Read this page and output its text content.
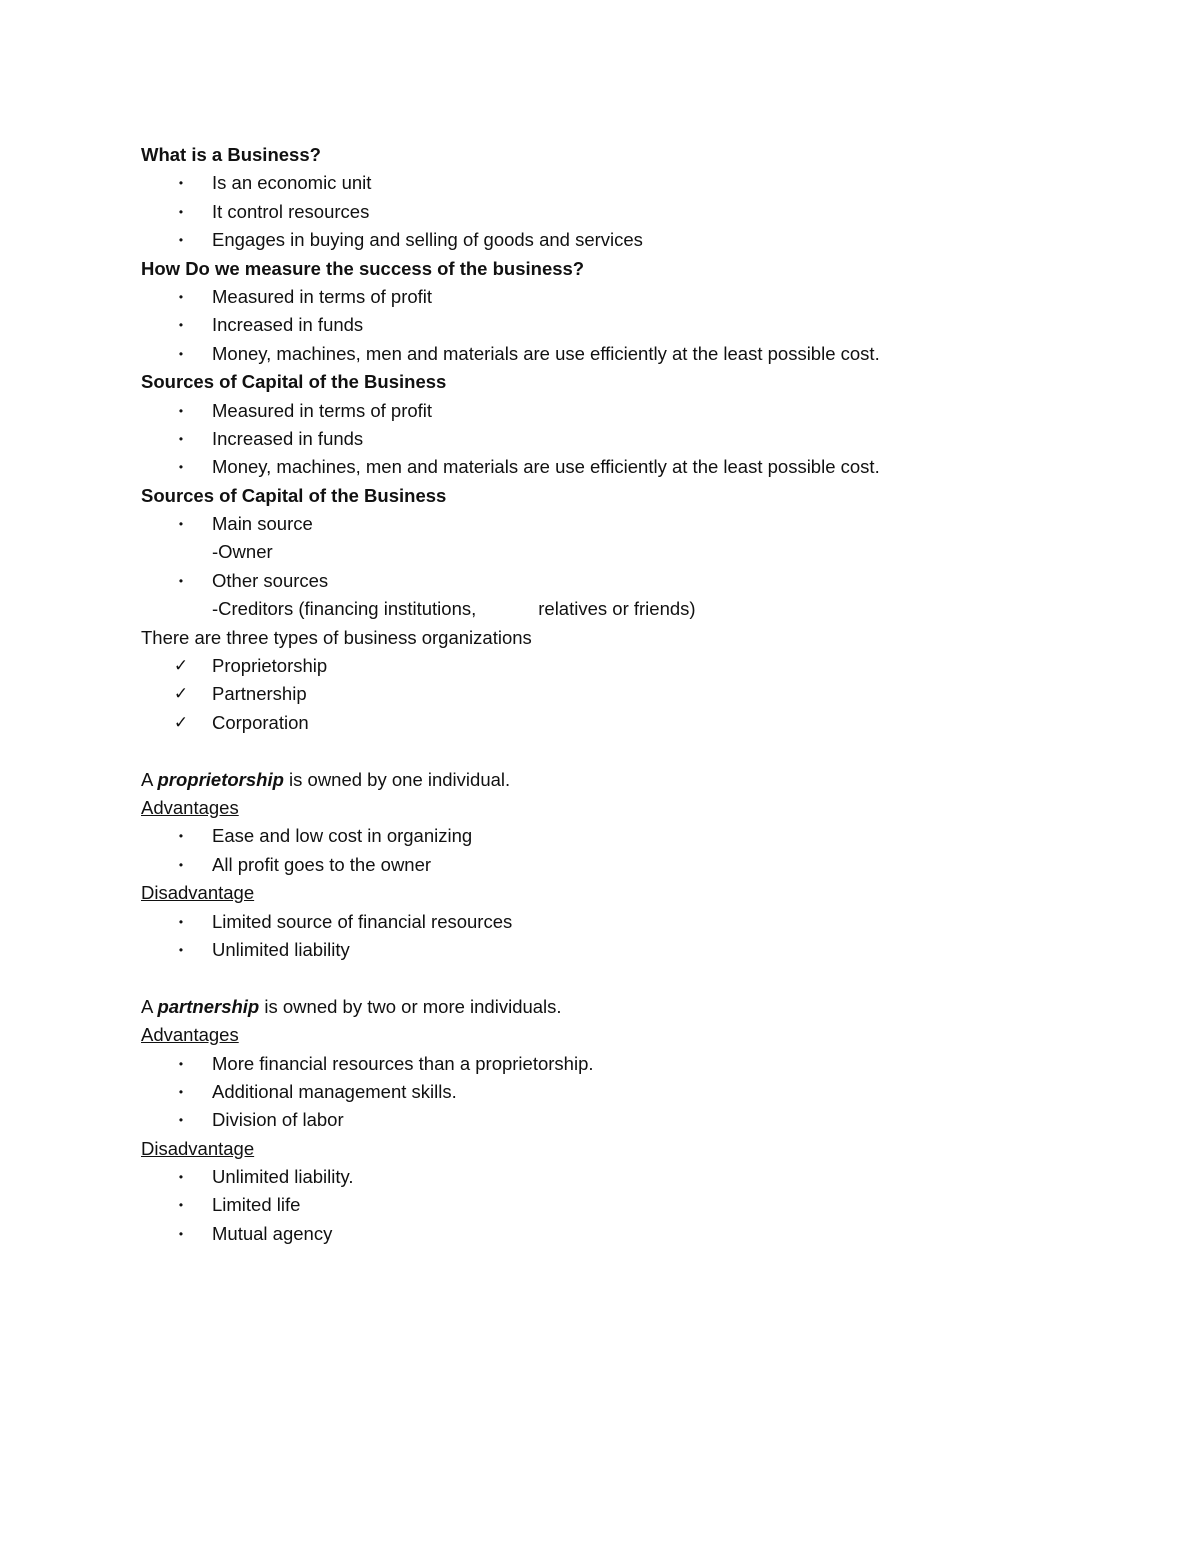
What is a Business?
•	Is an economic unit
•	It control resources
•	Engages in buying and selling of goods and services
How Do we measure the success of the business?
•	Measured in terms of profit
•	Increased in funds
•	Money, machines, men and materials are use efficiently at the least possible cost.
Sources of Capital of the Business
•	Measured in terms of profit
•	Increased in funds
•	Money, machines, men and materials are use efficiently at the least possible cost.
Sources of Capital of the Business
•	Main source
-Owner
•	Other sources
-Creditors (financing institutions,	relatives or friends)
There are three types of business organizations
✓ Proprietorship
✓ Partnership
✓ Corporation
A proprietorship is owned by one individual.
Advantages
•	Ease and low cost in organizing
•	All profit goes to the owner
Disadvantage
•	Limited source of financial resources
•	Unlimited liability
A partnership is owned by two or more individuals.
Advantages
•	More financial resources than a proprietorship.
•	Additional management skills.
•	Division of labor
Disadvantage
•	Unlimited liability.
•	Limited life
•	Mutual agency
